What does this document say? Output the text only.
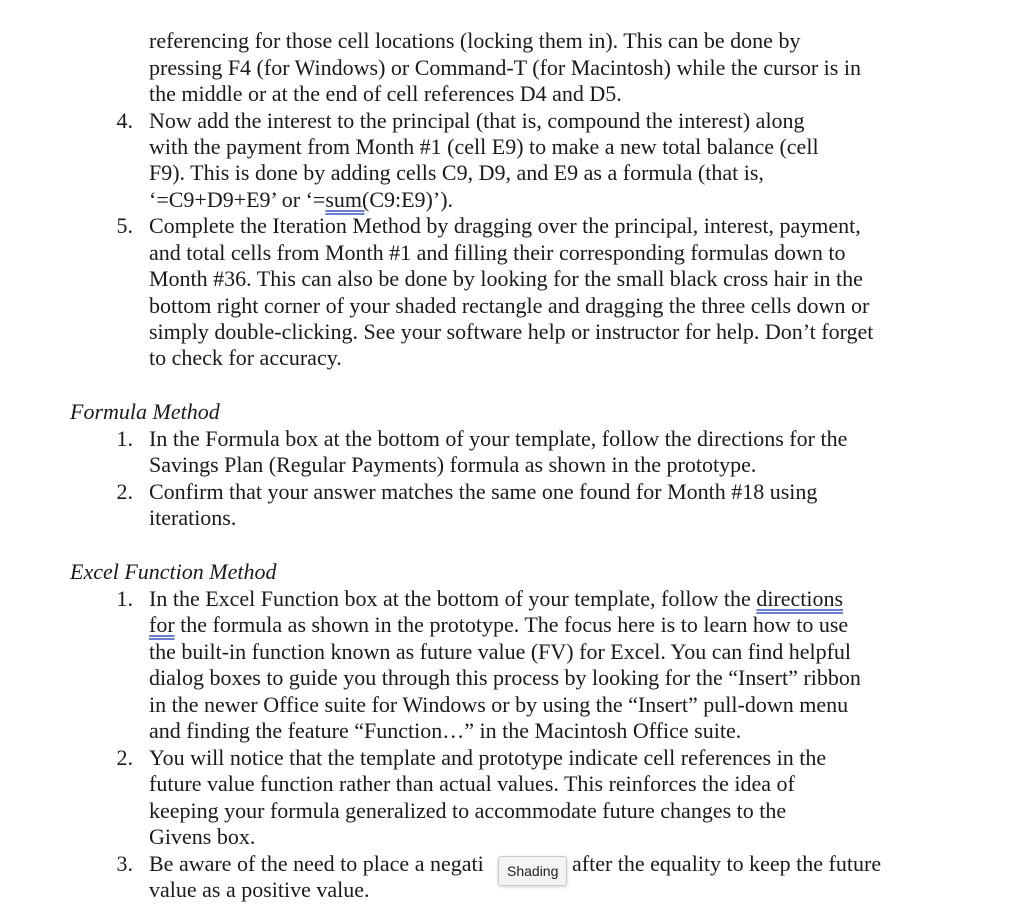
referencing for those cell locations (locking them in). This can be done by
pressing F4 (for Windows) or Command-T (for Macintosh) while the cursor is in
the middle or at the end of cell references D4 and D5.
4. Now add the interest to the principal (that is, compound the interest) along
with the payment from Month #1 (cell E9) to make a new total balance (cell
F9). This is done by adding cells C9, D9, and E9 as a formula (that is,
‘=C9+D9+E9’ or ‘=sum(C9:E9)’).
5. Complete the Iteration Method by dragging over the principal, interest, payment,
and total cells from Month #1 and filling their corresponding formulas down to
Month #36. This can also be done by looking for the small black cross hair in the
bottom right corner of your shaded rectangle and dragging the three cells down or
simply double-clicking. See your software help or instructor for help. Don’t forget
to check for accuracy.
Formula Method
1. In the Formula box at the bottom of your template, follow the directions for the
Savings Plan (Regular Payments) formula as shown in the prototype.
2. Confirm that your answer matches the same one found for Month #18 using
iterations.
Excel Function Method
1. In the Excel Function box at the bottom of your template, follow the directions
for the formula as shown in the prototype. The focus here is to learn how to use
the built-in function known as future value (FV) for Excel. You can find helpful
dialog boxes to guide you through this process by looking for the “Insert” ribbon
in the newer Office suite for Windows or by using the “Insert” pull-down menu
and finding the feature “Function…” in the Macintosh Office suite.
2. You will notice that the template and prototype indicate cell references in the
future value function rather than actual values. This reinforces the idea of
keeping your formula generalized to accommodate future changes to the
Givens box.
3. Be aware of the need to place a negati	after the equality to keep the future
value as a positive value.
Shading
